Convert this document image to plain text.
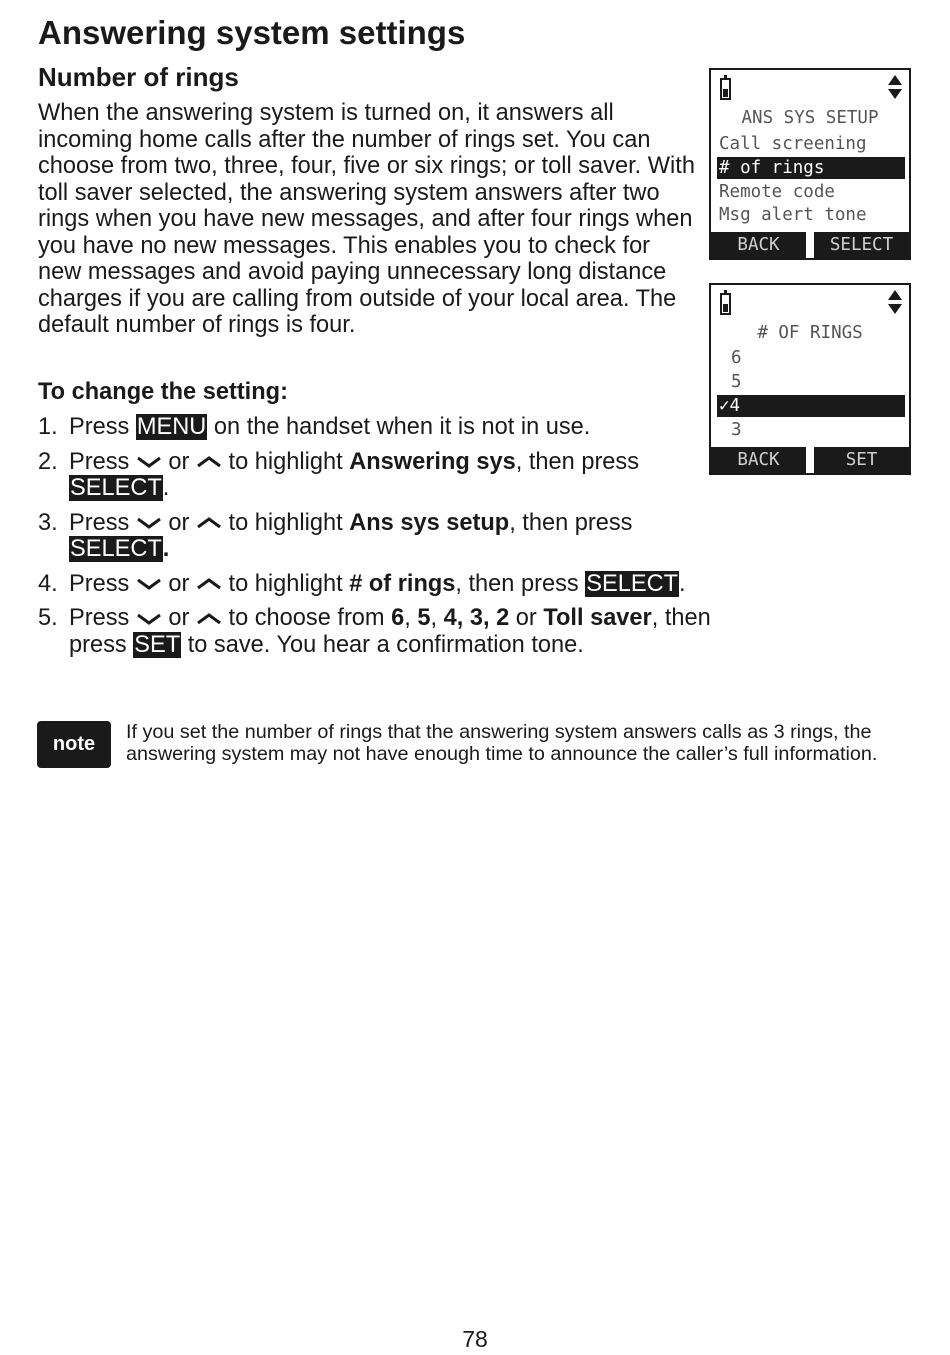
Answering system settings
Number of rings

When the answering system is turned on, it answers all incoming home calls after the number of rings set. You can choose from two, three, four, five or six rings; or toll saver. With toll saver selected, the answering system answers after two rings when you have new messages, and after four rings when you have no new messages. This enables you to check for new messages and avoid paying unnecessary long distance charges if you are calling from outside of your local area. The default number of rings is four.

To change the setting:
1. Press MENU on the handset when it is not in use.
2. Press
or
to highlight Answering sys, then press SELECT.
3. Press
or
to highlight Ans sys setup, then press SELECT.
4. Press
or
to highlight # of rings, then press SELECT.
5. Press
or
to choose from 6, 5, 4, 3, 2 or Toll saver, then press SET to save. You hear a confirmation tone.
ANS SYS SETUP
Call screening
# of rings
Remote code
Msg alert tone
BACK	SELECT
# OF RINGS
6
5
✓4
3
BACK	SET
note

If you set the number of rings that the answering system answers calls as 3 rings, the answering system may not have enough time to announce the caller’s full information.

78
